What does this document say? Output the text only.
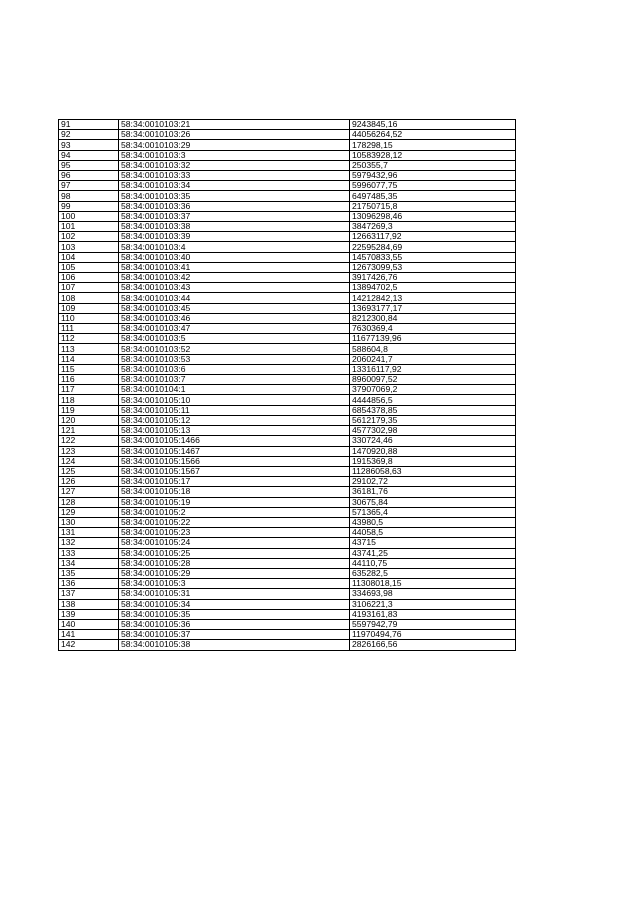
91	58:34:0010103:21	9243845,16
92	58:34:0010103:26	44056264,52
93	58:34:0010103:29	178298,15
94	58:34:0010103:3	10583928,12
95	58:34:0010103:32	250355,7
96	58:34:0010103:33	5979432,96
97	58:34:0010103:34	5996077,75
98	58:34:0010103:35	6497485,35
99	58:34:0010103:36	21750715,8
100	58:34:0010103:37	13096298,46
101	58:34:0010103:38	3847269,3
102	58:34:0010103:39	12663117,92
103	58:34:0010103:4	22595284,69
104	58:34:0010103:40	14570833,55
105	58:34:0010103:41	12673099,53
106	58:34:0010103:42	3917426,76
107	58:34:0010103:43	13894702,5
108	58:34:0010103:44	14212842,13
109	58:34:0010103:45	13693177,17
110	58:34:0010103:46	8212300,84
111	58:34:0010103:47	7630369,4
112	58:34:0010103:5	11677139,96
113	58:34:0010103:52	588604,8
114	58:34:0010103:53	2060241,7
115	58:34:0010103:6	13316117,92
116	58:34:0010103:7	8960097,52
117	58:34:0010104:1	37907069,2
118	58:34:0010105:10	4444856,5
119	58:34:0010105:11	6854378,85
120	58:34:0010105:12	5612179,35
121	58:34:0010105:13	4577302,98
122	58:34:0010105:1466	330724,46
123	58:34:0010105:1467	1470920,88
124	58:34:0010105:1566	1915369,8
125	58:34:0010105:1567	11286058,63
126	58:34:0010105:17	29102,72
127	58:34:0010105:18	36181,76
128	58:34:0010105:19	30675,84
129	58:34:0010105:2	571365,4
130	58:34:0010105:22	43980,5
131	58:34:0010105:23	44058,5
132	58:34:0010105:24	43715
133	58:34:0010105:25	43741,25
134	58:34:0010105:28	44110,75
135	58:34:0010105:29	635282,5
136	58:34:0010105:3	11308018,15
137	58:34:0010105:31	334693,98
138	58:34:0010105:34	3106221,3
139	58:34:0010105:35	4193161,83
140	58:34:0010105:36	5597942,79
141	58:34:0010105:37	11970494,76
142	58:34:0010105:38	2826166,56
